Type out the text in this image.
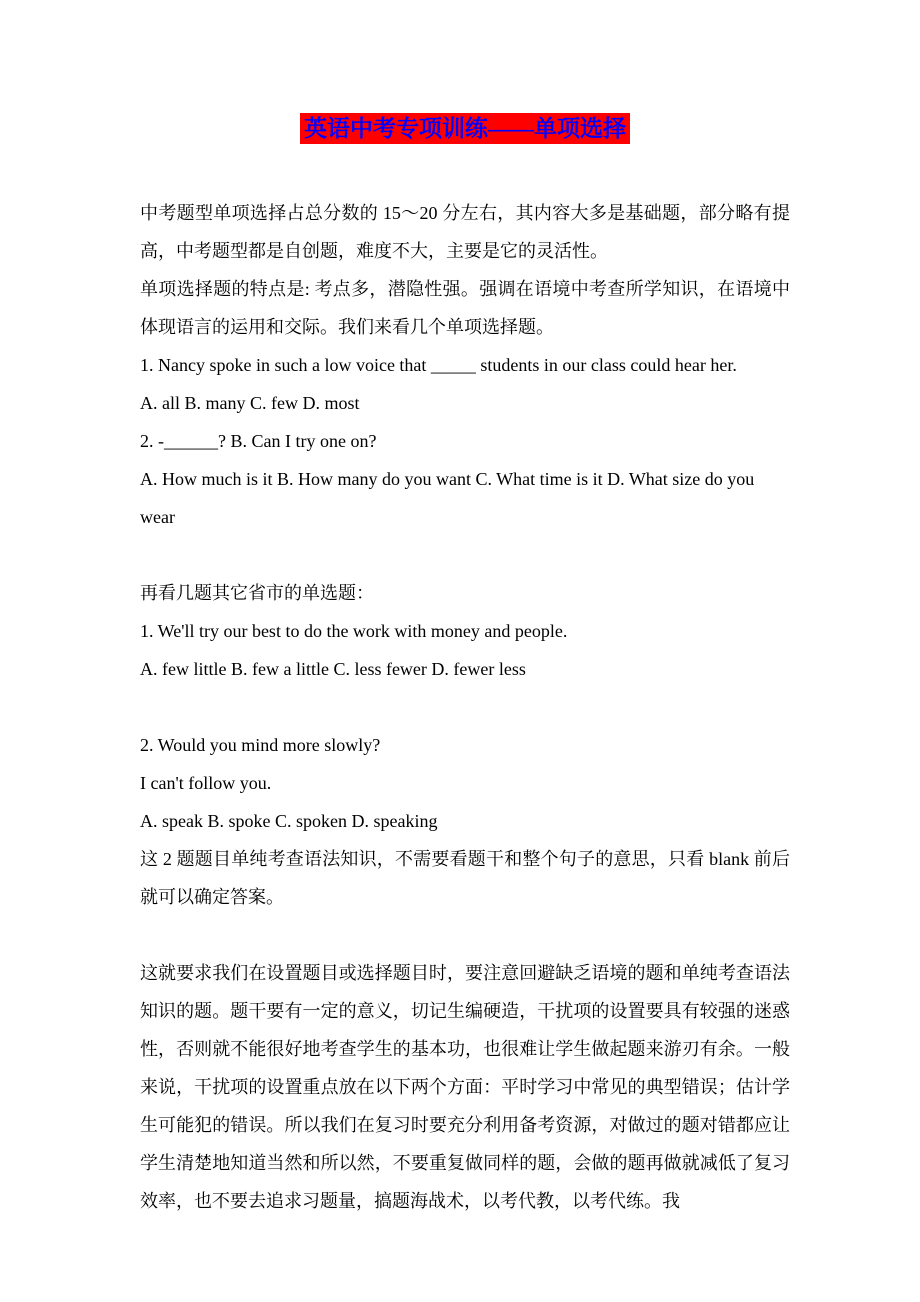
英语中考专项训练——单项选择

中考题型单项选择占总分数的 15～20 分左右，其内容大多是基础题，部分略有提高，中考题型都是自创题，难度不大，主要是它的灵活性。

单项选择题的特点是: 考点多，潜隐性强。强调在语境中考查所学知识，在语境中体现语言的运用和交际。我们来看几个单项选择题。

1. Nancy spoke in such a low voice that _____ students in our class could hear her.

A. all B. many C. few D. most

2. -______? B. Can I try one on?

A. How much is it B. How many do you want C. What time is it D. What size do you wear

再看几题其它省市的单选题：

1. We'll try our best to do the work with money and people.

A. few little B. few a little C. less fewer D. fewer less

2. Would you mind more slowly?

I can't follow you.

A. speak B. spoke C. spoken D. speaking

这 2 题题目单纯考查语法知识，不需要看题干和整个句子的意思，只看 blank 前后就可以确定答案。

这就要求我们在设置题目或选择题目时，要注意回避缺乏语境的题和单纯考查语法知识的题。题干要有一定的意义，切记生编硬造，干扰项的设置要具有较强的迷惑性，否则就不能很好地考查学生的基本功，也很难让学生做起题来游刃有余。一般来说，干扰项的设置重点放在以下两个方面：平时学习中常见的典型错误；估计学生可能犯的错误。所以我们在复习时要充分利用备考资源，对做过的题对错都应让学生清楚地知道当然和所以然，不要重复做同样的题，会做的题再做就减低了复习效率，也不要去追求习题量，搞题海战术，以考代教，以考代练。我
